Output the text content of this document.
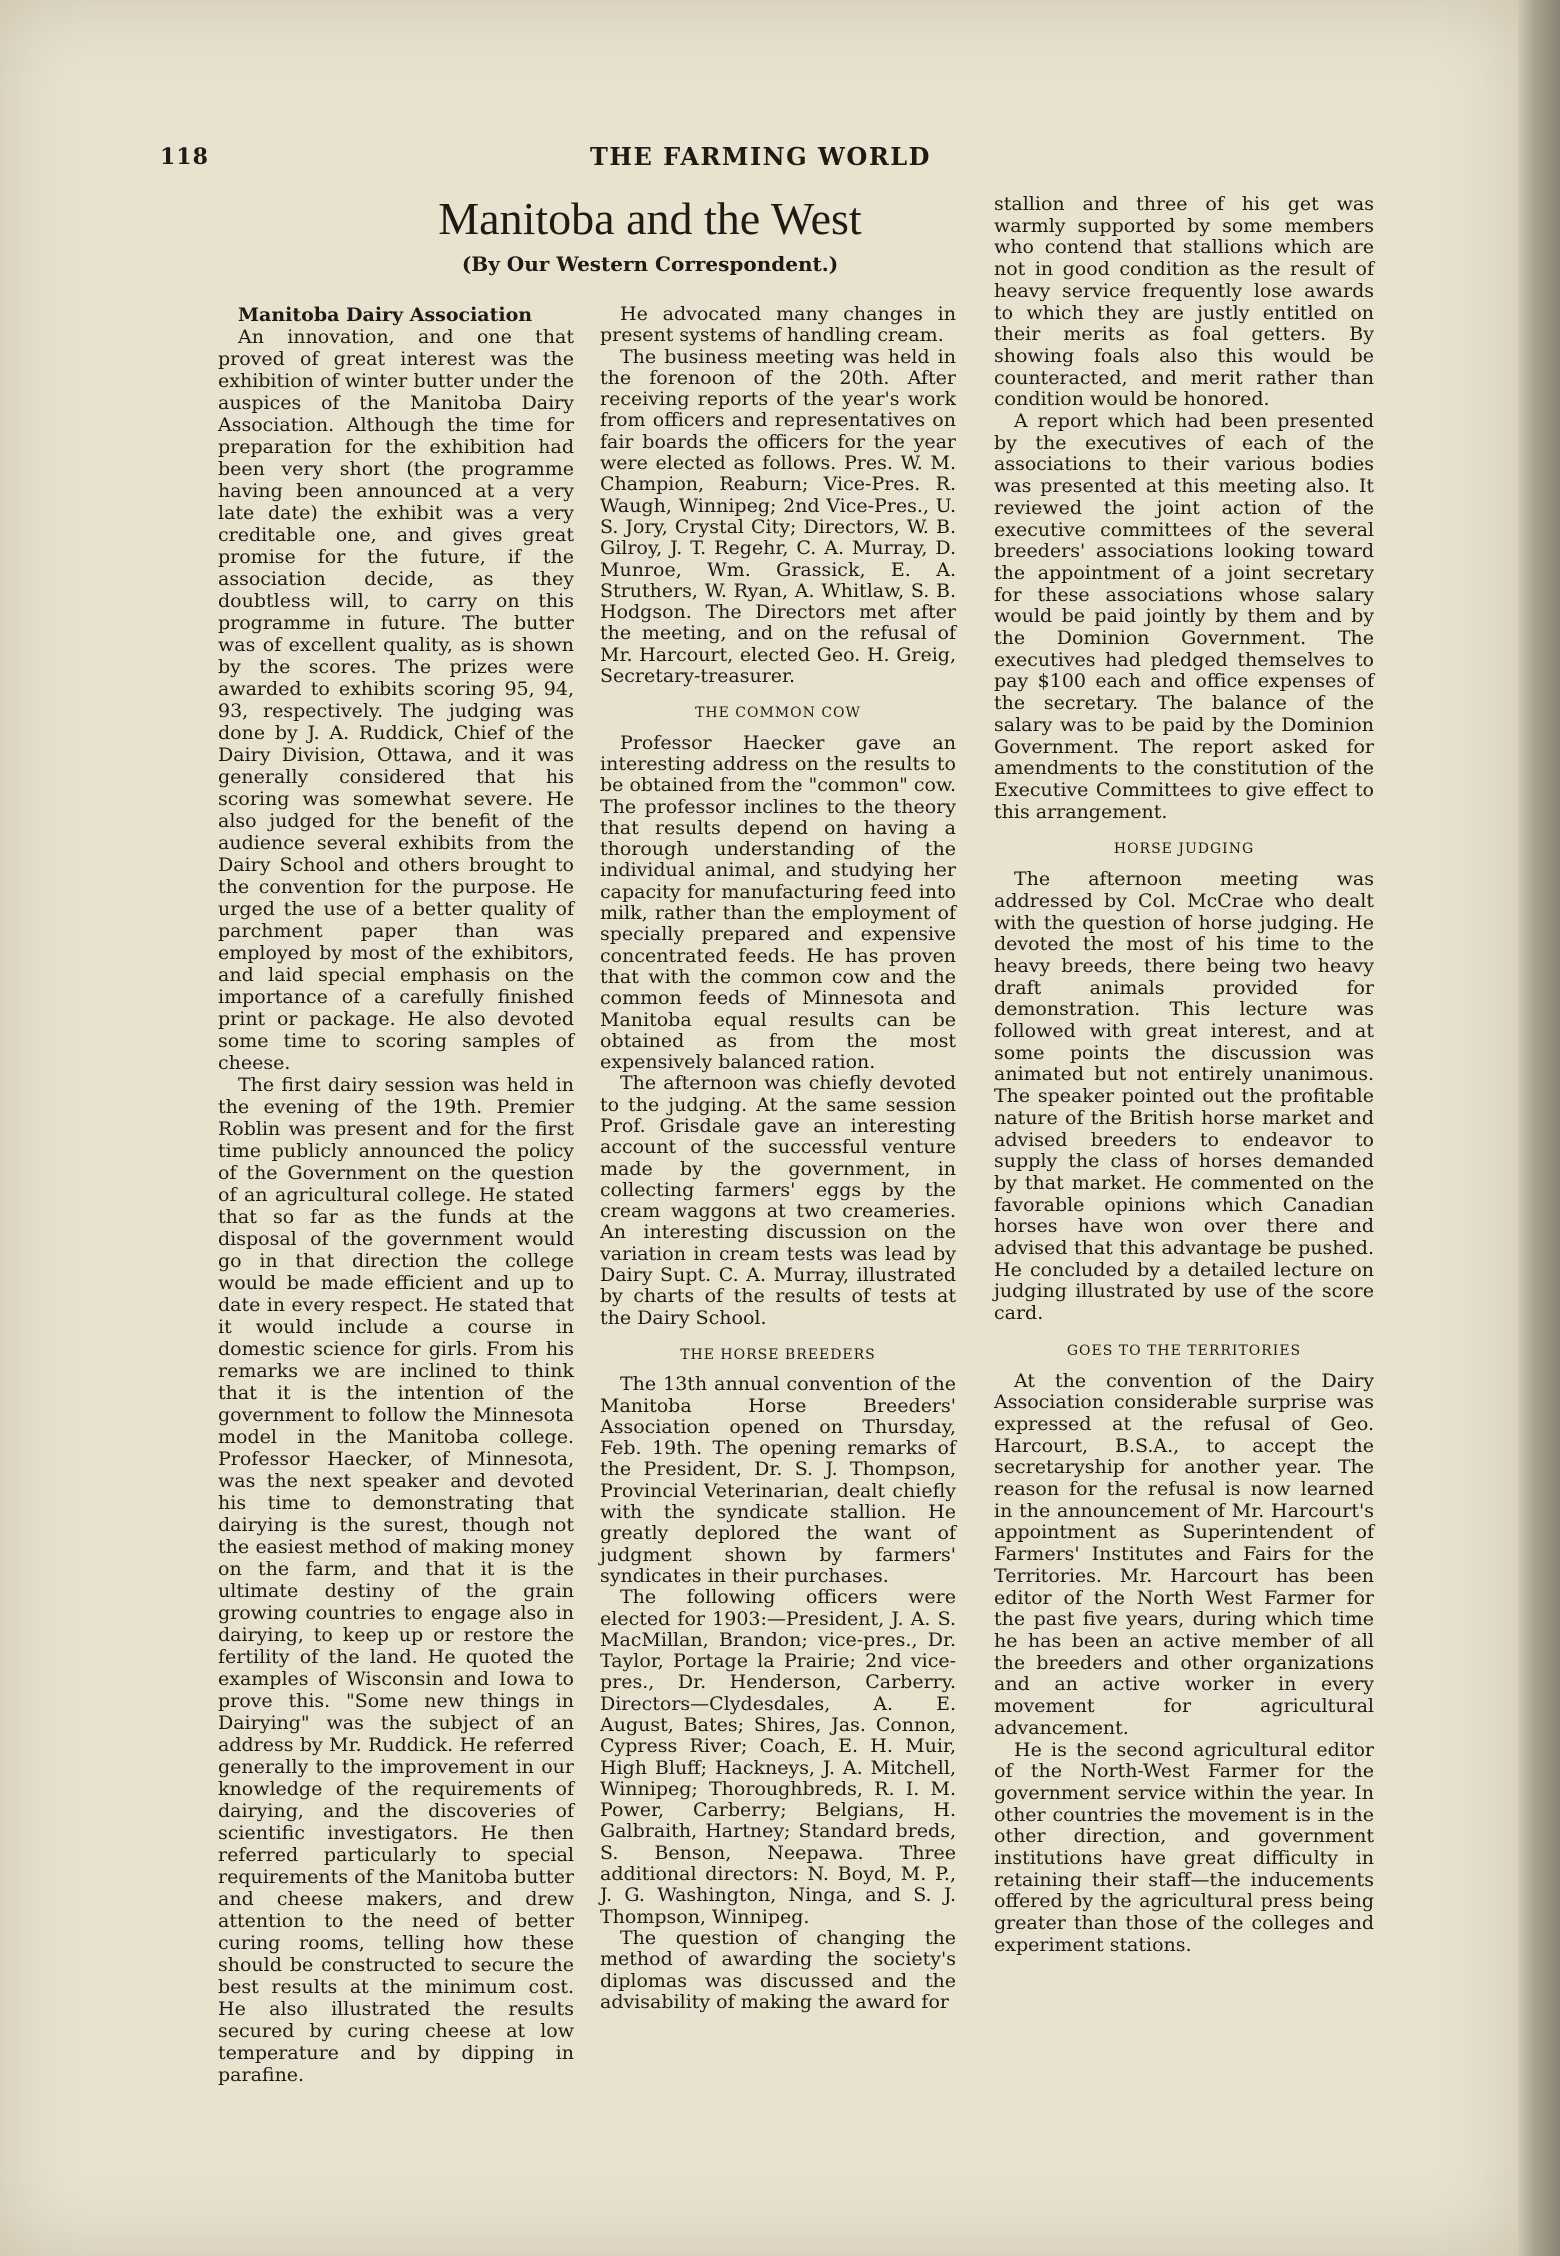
118	THE FARMING WORLD
Manitoba and the West
(By Our Western Correspondent.)

Manitoba Dairy Association

An innovation, and one that proved of great interest was the exhibition of winter butter under the auspices of the Manitoba Dairy Association. Although the time for preparation for the exhibition had been very short (the programme having been announced at a very late date) the exhibit was a very creditable one, and gives great promise for the future, if the association decide, as they doubtless will, to carry on this programme in future. The butter was of excellent quality, as is shown by the scores. The prizes were awarded to exhibits scoring 95, 94, 93, respectively. The judging was done by J. A. Ruddick, Chief of the Dairy Division, Ottawa, and it was generally considered that his scoring was somewhat severe. He also judged for the benefit of the audience several exhibits from the Dairy School and others brought to the convention for the purpose. He urged the use of a better quality of parchment paper than was employed by most of the exhibitors, and laid special emphasis on the importance of a carefully finished print or package. He also devoted some time to scoring samples of cheese.

The first dairy session was held in the evening of the 19th. Premier Roblin was present and for the first time publicly announced the policy of the Government on the question of an agricultural college. He stated that so far as the funds at the disposal of the government would go in that direction the college would be made efficient and up to date in every respect. He stated that it would include a course in domestic science for girls. From his remarks we are inclined to think that it is the intention of the government to follow the Minnesota model in the Manitoba college. Professor Haecker, of Minnesota, was the next speaker and devoted his time to demonstrating that dairying is the surest, though not the easiest method of making money on the farm, and that it is the ultimate destiny of the grain growing countries to engage also in dairying, to keep up or restore the fertility of the land. He quoted the examples of Wisconsin and Iowa to prove this. "Some new things in Dairying" was the subject of an address by Mr. Ruddick. He referred generally to the improvement in our knowledge of the requirements of dairying, and the discoveries of scientific investigators. He then referred particularly to special requirements of the Manitoba butter and cheese makers, and drew attention to the need of better curing rooms, telling how these should be constructed to secure the best results at the minimum cost. He also illustrated the results secured by curing cheese at low temperature and by dipping in parafine.

He advocated many changes in present systems of handling cream.

The business meeting was held in the forenoon of the 20th. After receiving reports of the year's work from officers and representatives on fair boards the officers for the year were elected as follows. Pres. W. M. Champion, Reaburn; Vice-Pres. R. Waugh, Winnipeg; 2nd Vice-Pres., U. S. Jory, Crystal City; Directors, W. B. Gilroy, J. T. Regehr, C. A. Murray, D. Munroe, Wm. Grassick, E. A. Struthers, W. Ryan, A. Whitlaw, S. B. Hodgson. The Directors met after the meeting, and on the refusal of Mr. Harcourt, elected Geo. H. Greig, Secretary-treasurer.

THE COMMON COW

Professor Haecker gave an interesting address on the results to be obtained from the "common" cow. The professor inclines to the theory that results depend on having a thorough understanding of the individual animal, and studying her capacity for manufacturing feed into milk, rather than the employment of specially prepared and expensive concentrated feeds. He has proven that with the common cow and the common feeds of Minnesota and Manitoba equal results can be obtained as from the most expensively balanced ration.

The afternoon was chiefly devoted to the judging. At the same session Prof. Grisdale gave an interesting account of the successful venture made by the government, in collecting farmers' eggs by the cream waggons at two creameries. An interesting discussion on the variation in cream tests was lead by Dairy Supt. C. A. Murray, illustrated by charts of the results of tests at the Dairy School.

THE HORSE BREEDERS

The 13th annual convention of the Manitoba Horse Breeders' Association opened on Thursday, Feb. 19th. The opening remarks of the President, Dr. S. J. Thompson, Provincial Veterinarian, dealt chiefly with the syndicate stallion. He greatly deplored the want of judgment shown by farmers' syndicates in their purchases.

The following officers were elected for 1903:—President, J. A. S. MacMillan, Brandon; vice-pres., Dr. Taylor, Portage la Prairie; 2nd vice-pres., Dr. Henderson, Carberry. Directors—Clydesdales, A. E. August, Bates; Shires, Jas. Connon, Cypress River; Coach, E. H. Muir, High Bluff; Hackneys, J. A. Mitchell, Winnipeg; Thoroughbreds, R. I. M. Power, Carberry; Belgians, H. Galbraith, Hartney; Standard breds, S. Benson, Neepawa. Three additional directors: N. Boyd, M. P., J. G. Washington, Ninga, and S. J. Thompson, Winnipeg.

The question of changing the method of awarding the society's diplomas was discussed and the advisability of making the award for

stallion and three of his get was warmly supported by some members who contend that stallions which are not in good condition as the result of heavy service frequently lose awards to which they are justly entitled on their merits as foal getters. By showing foals also this would be counteracted, and merit rather than condition would be honored.

A report which had been presented by the executives of each of the associations to their various bodies was presented at this meeting also. It reviewed the joint action of the executive committees of the several breeders' associations looking toward the appointment of a joint secretary for these associations whose salary would be paid jointly by them and by the Dominion Government. The executives had pledged themselves to pay $100 each and office expenses of the secretary. The balance of the salary was to be paid by the Dominion Government. The report asked for amendments to the constitution of the Executive Committees to give effect to this arrangement.

HORSE JUDGING

The afternoon meeting was addressed by Col. McCrae who dealt with the question of horse judging. He devoted the most of his time to the heavy breeds, there being two heavy draft animals provided for demonstration. This lecture was followed with great interest, and at some points the discussion was animated but not entirely unanimous. The speaker pointed out the profitable nature of the British horse market and advised breeders to endeavor to supply the class of horses demanded by that market. He commented on the favorable opinions which Canadian horses have won over there and advised that this advantage be pushed. He concluded by a detailed lecture on judging illustrated by use of the score card.

GOES TO THE TERRITORIES

At the convention of the Dairy Association considerable surprise was expressed at the refusal of Geo. Harcourt, B.S.A., to accept the secretaryship for another year. The reason for the refusal is now learned in the announcement of Mr. Harcourt's appointment as Superintendent of Farmers' Institutes and Fairs for the Territories. Mr. Harcourt has been editor of the North West Farmer for the past five years, during which time he has been an active member of all the breeders and other organizations and an active worker in every movement for agricultural advancement.

He is the second agricultural editor of the North-West Farmer for the government service within the year. In other countries the movement is in the other direction, and government institutions have great difficulty in retaining their staff—the inducements offered by the agricultural press being greater than those of the colleges and experiment stations.
